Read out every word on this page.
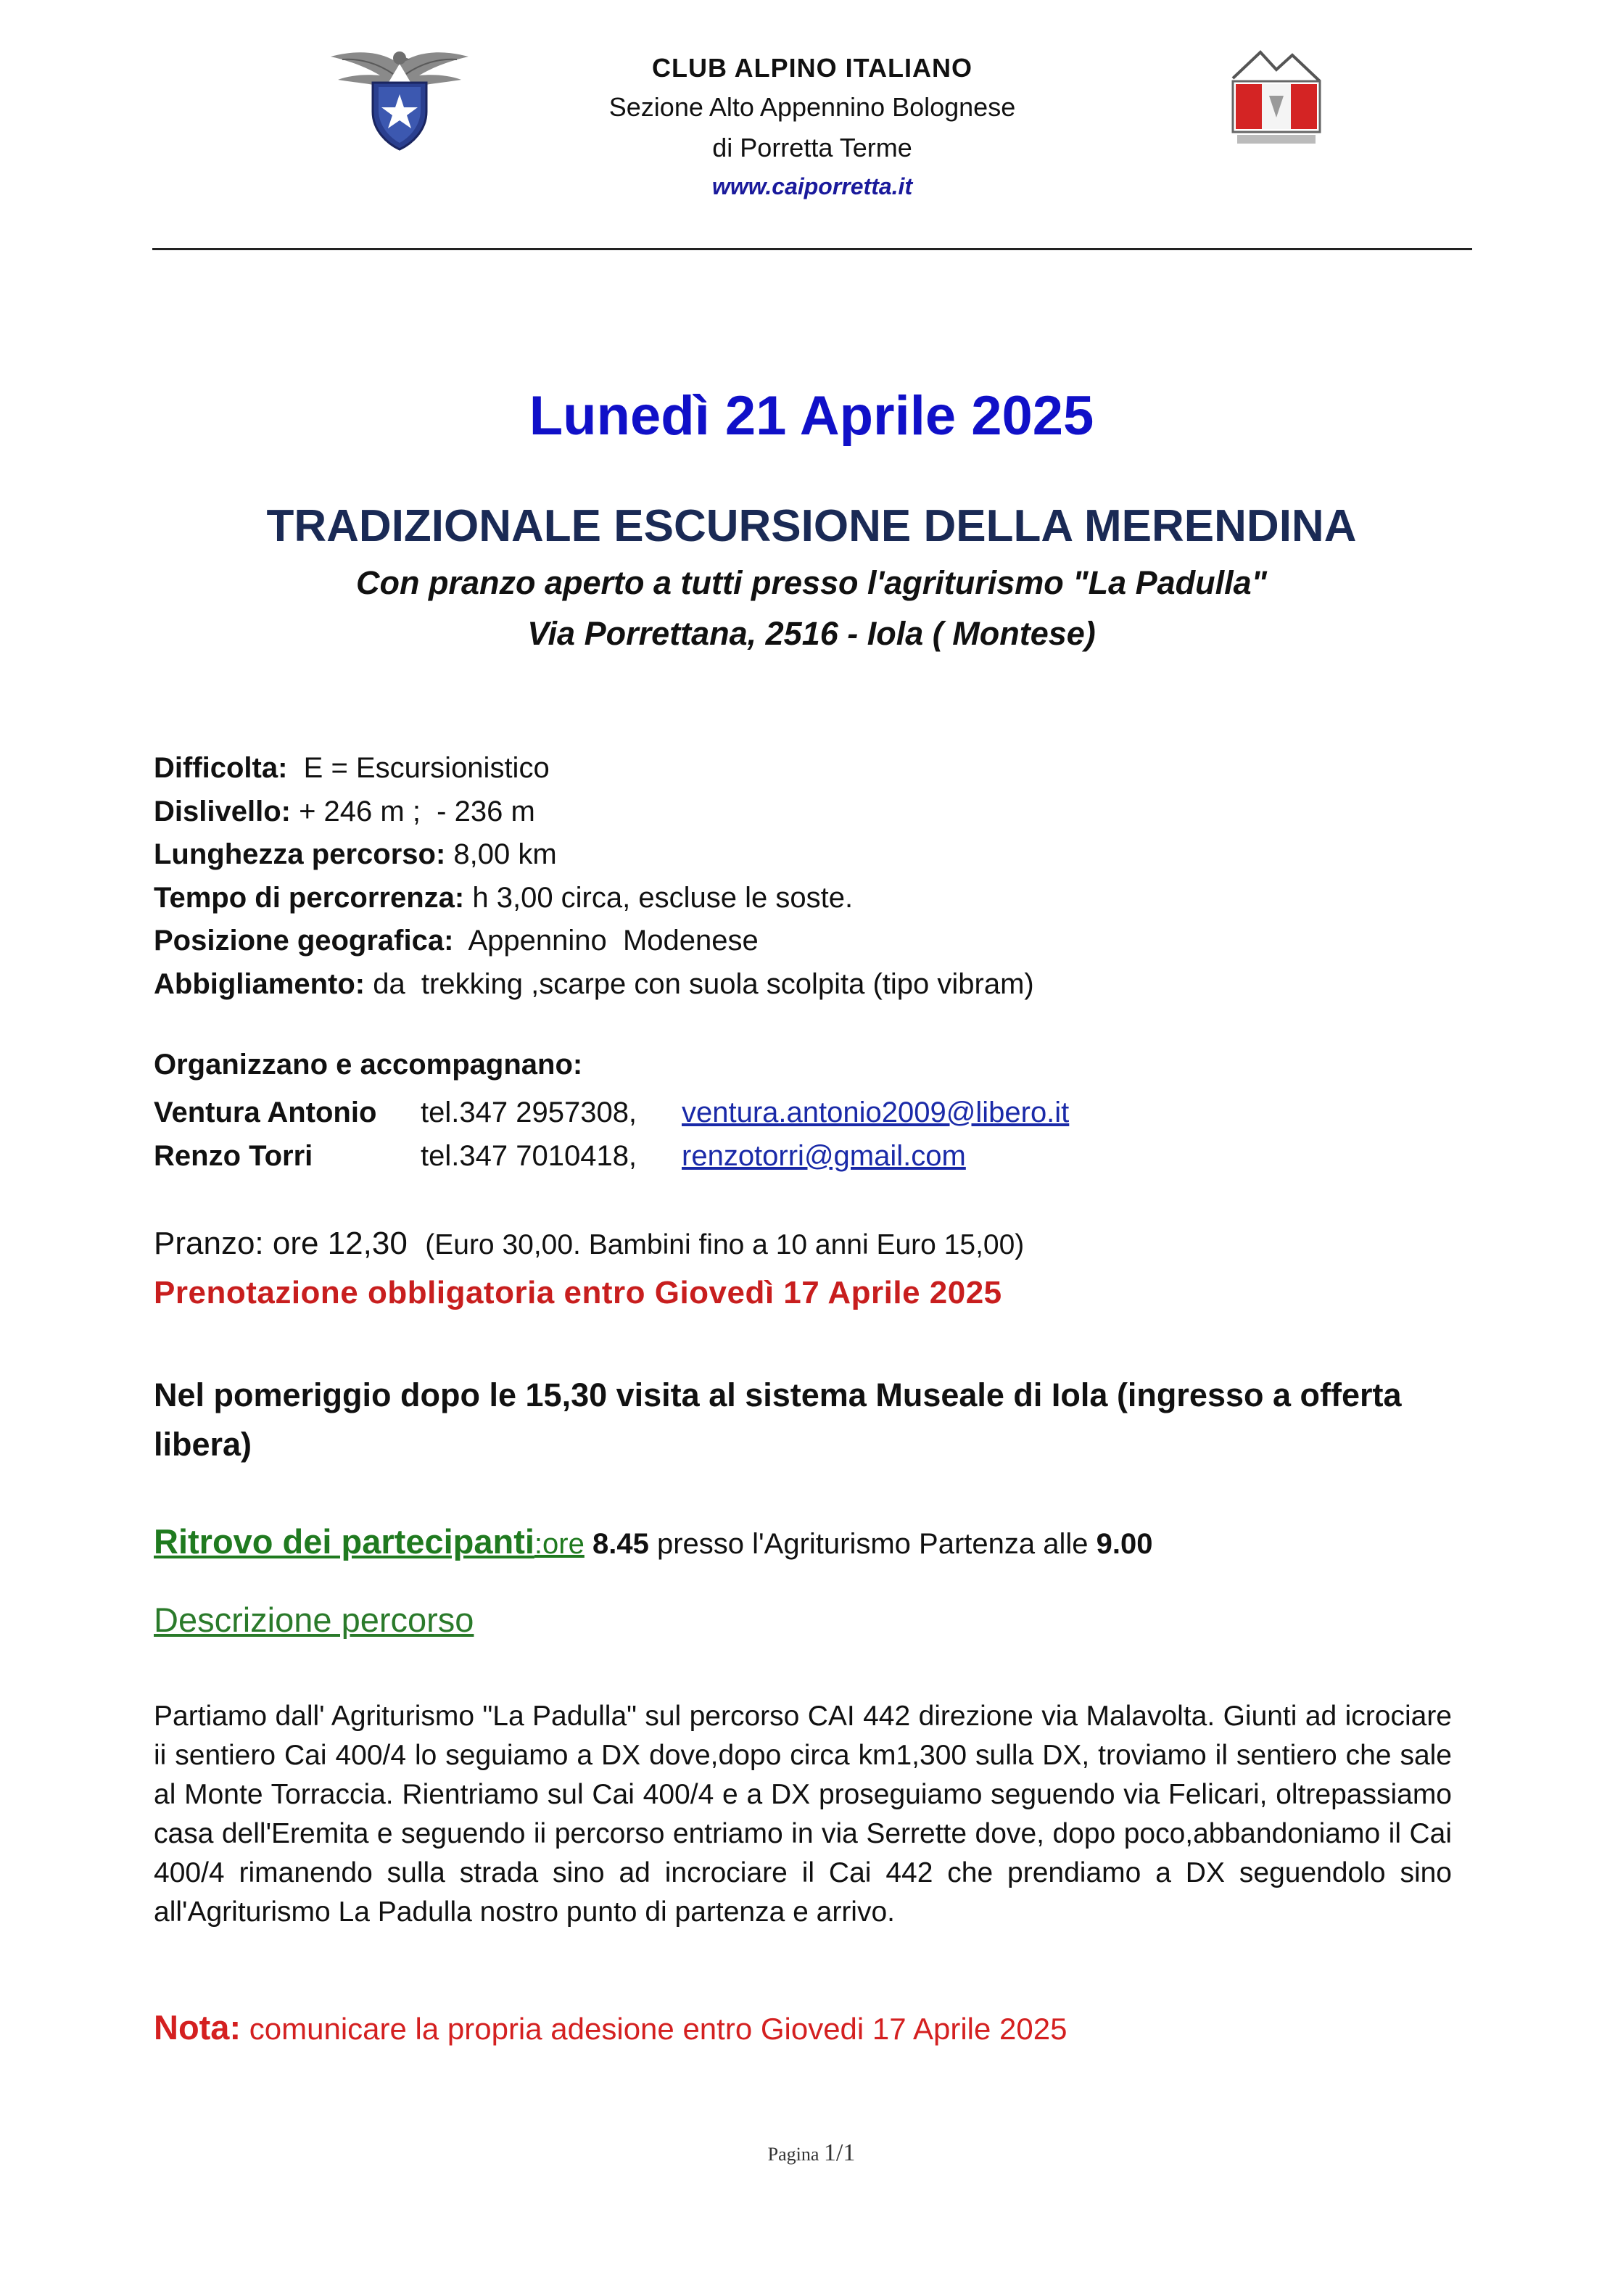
CLUB ALPINO ITALIANO
Sezione Alto Appennino Bolognese
di Porretta Terme
www.caiporretta.it
Lunedì 21 Aprile 2025
TRADIZIONALE ESCURSIONE DELLA MERENDINA
Con pranzo aperto a tutti presso l'agriturismo "La Padulla"
Via Porrettana, 2516 - Iola ( Montese)
Difficolta:  E = Escursionistico
Dislivello: + 246 m ;  - 236 m
Lunghezza percorso: 8,00 km
Tempo di percorrenza: h 3,00 circa, escluse le soste.
Posizione geografica:  Appennino  Modenese
Abbigliamento: da  trekking ,scarpe con suola scolpita (tipo vibram)
Organizzano e accompagnano:
Ventura Antonio tel.347 2957308, ventura.antonio2009@libero.it
Renzo Torri	tel.347 7010418, renzotorri@gmail.com
Pranzo: ore 12,30 (Euro 30,00. Bambini fino a 10 anni Euro 15,00)
Prenotazione obbligatoria entro Giovedì 17 Aprile 2025
Nel pomeriggio dopo le 15,30 visita al sistema Museale di Iola (ingresso a offerta libera)
Ritrovo dei partecipanti:ore 8.45 presso l'Agriturismo Partenza alle 9.00
Descrizione percorso
Partiamo dall' Agriturismo "La Padulla" sul percorso CAI 442 direzione via Malavolta. Giunti ad icrociare ii sentiero Cai 400/4 lo seguiamo a DX dove,dopo circa km1,300 sulla DX, troviamo il sentiero che sale al Monte Torraccia. Rientriamo sul Cai 400/4 e a DX proseguiamo seguendo via Felicari, oltrepassiamo casa dell'Eremita e seguendo ii percorso entriamo in via Serrette dove, dopo poco,abbandoniamo il Cai 400/4 rimanendo sulla strada sino ad incrociare il Cai 442 che prendiamo a DX seguendolo sino all'Agriturismo La Padulla nostro punto di partenza e arrivo.
Nota: comunicare la propria adesione entro Giovedi 17 Aprile 2025
Pagina 1/1
